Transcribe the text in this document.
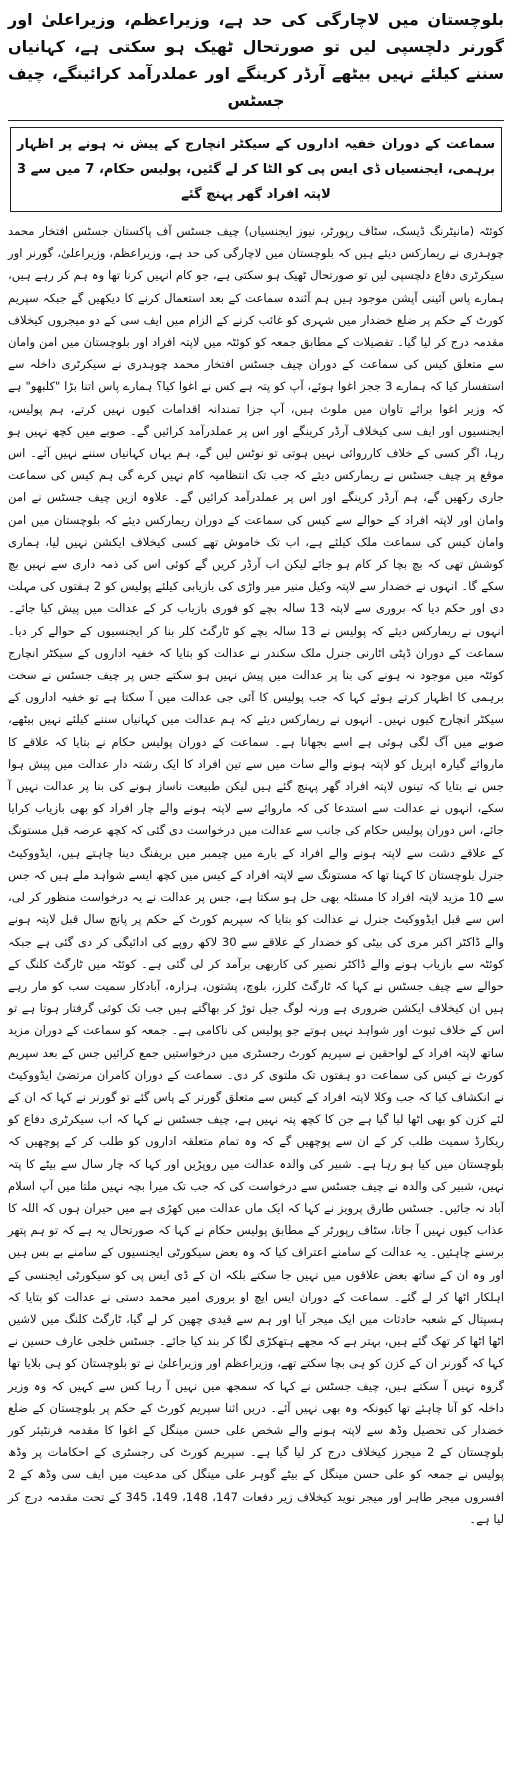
بلوچستان میں لاچارگی کی حد ہے، وزیراعظم، وزیراعلیٰ اور گورنر دلچسپی لیں تو صورتحال ٹھیک ہو سکتی ہے، کہانیاں سننے کیلئے نہیں بیٹھے آرڈر کرینگے اور عملدرآمد کرائینگے، چیف جسٹس
سماعت کے دوران خفیہ اداروں کے سیکٹر انچارج کے پیش نہ ہونے پر اظہار برہمی، ایجنسیاں ڈی ایس پی کو الٹا کر لے گئیں، پولیس حکام، 7 میں سے 3 لاپتہ افراد گھر پہنچ گئے

کوئٹہ (مانیٹرنگ ڈیسک، سٹاف رپورٹر، نیوز ایجنسیاں) چیف جسٹس آف پاکستان جسٹس افتخار محمد چوہدری نے ریمارکس دیئے ہیں کہ بلوچستان میں لاچارگی کی حد ہے، وزیراعظم، وزیراعلیٰ، گورنر اور سیکرٹری دفاع دلچسپی لیں تو صورتحال ٹھیک ہو سکتی ہے، جو کام انہیں کرنا تھا وہ ہم کر رہے ہیں، ہمارے پاس آئینی آپشن موجود ہیں ہم آئندہ سماعت کے بعد استعمال کرنے کا دیکھیں گے جبکہ سپریم کورٹ کے حکم پر ضلع خضدار میں شہری کو غائب کرنے کے الزام میں ایف سی کے دو میجروں کیخلاف مقدمہ درج کر لیا گیا۔ تفصیلات کے مطابق جمعہ کو کوئٹہ میں لاپتہ افراد اور بلوچستان میں امن وامان سے متعلق کیس کی سماعت کے دوران چیف جسٹس افتخار محمد چوہدری نے سیکرٹری داخلہ سے استفسار کیا کہ ہمارے 3 ججز اغوا ہوئے، آپ کو پتہ ہے کس نے اغوا کیا؟ ہمارے پاس اتنا بڑا "کلبھو" ہے کہ وزیر اغوا برائے تاوان میں ملوث ہیں، آپ جزا تمندانہ اقدامات کیوں نہیں کرتے، ہم پولیس، ایجنسیوں اور ایف سی کیخلاف آرڈر کرینگے اور اس پر عملدرآمد کرائیں گے۔ صوبے میں کچھ نہیں ہو رہا، اگر کسی کے خلاف کارروائی نہیں ہوتی تو نوٹس لیں گے، ہم یہاں کہانیاں سننے نہیں آئے۔ اس موقع پر چیف جسٹس نے ریمارکس دیئے کہ جب تک انتظامیہ کام نہیں کرے گی ہم کیس کی سماعت جاری رکھیں گے، ہم آرڈر کرینگے اور اس پر عملدرآمد کرائیں گے۔ علاوہ ازیں چیف جسٹس نے امن وامان اور لاپتہ افراد کے حوالے سے کیس کی سماعت کے دوران ریمارکس دیئے کہ بلوچستان میں امن وامان کیس کی سماعت ملک کیلئے ہے، اب تک خاموش تھے کسی کیخلاف ایکشن نہیں لیا، ہماری کوشش تھی کہ بچ بچا کر کام ہو جائے لیکن اب آرڈر کریں گے کوئی اس کی ذمہ داری سے نہیں بچ سکے گا۔ انہوں نے خضدار سے لاپتہ وکیل منیر میر واڑی کی بازیابی کیلئے پولیس کو 2 ہفتوں کی مہلت دی اور حکم دیا کہ بروری سے لاپتہ 13 سالہ بچے کو فوری بازیاب کر کے عدالت میں پیش کیا جائے۔ انہوں نے ریمارکس دیئے کہ پولیس نے 13 سالہ بچے کو ٹارگٹ کلر بنا کر ایجنسیوں کے حوالے کر دیا۔ سماعت کے دوران ڈپٹی اٹارنی جنرل ملک سکندر نے عدالت کو بتایا کہ خفیہ اداروں کے سیکٹر انچارج کوئٹہ میں موجود نہ ہونے کی بنا پر عدالت میں پیش نہیں ہو سکتے جس پر چیف جسٹس نے سخت برہمی کا اظہار کرتے ہوئے کہا کہ جب پولیس کا آئی جی عدالت میں آ سکتا ہے تو خفیہ اداروں کے سیکٹر انچارج کیوں نہیں۔ انہوں نے ریمارکس دیئے کہ ہم عدالت میں کہانیاں سننے کیلئے نہیں بیٹھے، صوبے میں آگ لگی ہوئی ہے اسے بجھانا ہے۔ سماعت کے دوران پولیس حکام نے بتایا کہ علاقے کا ماروائے گیارہ اپریل کو لاپتہ ہونے والے سات میں سے تین افراد کا ایک رشتہ دار عدالت میں پیش ہوا جس نے بتایا کہ تینوں لاپتہ افراد گھر پہنچ گئے ہیں لیکن طبیعت ناساز ہونے کی بنا پر عدالت نہیں آ سکے، انہوں نے عدالت سے استدعا کی کہ ماروائے سے لاپتہ ہونے والے چار افراد کو بھی بازیاب کرایا جائے، اس دوران پولیس حکام کی جانب سے عدالت میں درخواست دی گئی کہ کچھ عرصہ قبل مستونگ کے علاقے دشت سے لاپتہ ہونے والے افراد کے بارے میں چیمبر میں بریفنگ دینا چاہتے ہیں، ایڈووکیٹ جنرل بلوچستان کا کہنا تھا کہ مستونگ سے لاپتہ افراد کے کیس میں کچھ ایسے شواہد ملے ہیں کہ جس سے 10 مزید لاپتہ افراد کا مسئلہ بھی حل ہو سکتا ہے، جس پر عدالت نے یہ درخواست منظور کر لی، اس سے قبل ایڈووکیٹ جنرل نے عدالت کو بتایا کہ سپریم کورٹ کے حکم پر پانچ سال قبل لاپتہ ہونے والے ڈاکٹر اکبر مری کی بیٹی کو خضدار کے علاقے سے 30 لاکھ روپے کی ادائیگی کر دی گئی ہے جبکہ کوئٹہ سے بازیاب ہونے والے ڈاکٹر نصیر کی کاربھی برآمد کر لی گئی ہے۔ کوئٹہ میں ٹارگٹ کلنگ کے حوالے سے چیف جسٹس نے کہا کہ ٹارگٹ کلرز، بلوچ، پشتون، ہزارہ، آبادکار سمیت سب کو مار رہے ہیں ان کیخلاف ایکشن ضروری ہے ورنہ لوگ جیل توڑ کر بھاگتے ہیں جب تک کوئی گرفتار ہوتا ہے تو اس کے خلاف ثبوت اور شواہد نہیں ہوتے جو پولیس کی ناکامی ہے۔ جمعہ کو سماعت کے دوران مزید ساتھ لاپتہ افراد کے لواحقین نے سپریم کورٹ رجسٹری میں درخواستیں جمع کرائیں جس کے بعد سپریم کورٹ نے کیس کی سماعت دو ہفتوں تک ملتوی کر دی۔ سماعت کے دوران کامران مرتضیٰ ایڈووکیٹ نے انکشاف کیا کہ جب وکلا لاپتہ افراد کے کیس سے متعلق گورنر کے پاس گئے تو گورنر نے کہا کہ ان کے لئے کزن کو بھی اٹھا لیا گیا ہے جن کا کچھ پتہ نہیں ہے، چیف جسٹس نے کہا کہ اب سیکرٹری دفاع کو ریکارڈ سمیت طلب کر کے ان سے پوچھیں گے کہ وہ تمام متعلقہ اداروں کو طلب کر کے پوچھیں کہ بلوچستان میں کیا ہو رہا ہے۔ شبیر کی والدہ عدالت میں روپڑیں اور کہا کہ چار سال سے بیٹے کا پتہ نہیں، شبیر کی والدہ نے چیف جسٹس سے درخواست کی کہ جب تک میرا بچہ نہیں ملتا میں آپ اسلام آباد نہ جائیں۔ جسٹس طارق پرویز نے کہا کہ ایک ماں عدالت میں کھڑی ہے میں حیران ہوں کہ اللہ کا عذاب کیوں نہیں آ جاتا، سٹاف رپورٹر کے مطابق پولیس حکام نے کہا کہ صورتحال یہ ہے کہ تو ہم پتھر برسنے چاہئیں۔ یہ عدالت کے سامنے اعتراف کیا کہ وہ بعض سیکورٹی ایجنسیوں کے سامنے بے بس ہیں اور وہ ان کے ساتھ بعض علاقوں میں نہیں جا سکتے بلکہ ان کے ڈی ایس پی کو سیکورٹی ایجنسی کے اہلکار اٹھا کر لے گئے۔ سماعت کے دوران ایس ایچ او بروری امیر محمد دستی نے عدالت کو بتایا کہ ہسپتال کے شعبہ حادثات میں ایک میجر آیا اور ہم سے قیدی چھین کر لے گیا، ٹارگٹ کلنگ میں لاشیں اٹھا اٹھا کر تھک گئے ہیں، بہتر ہے کہ مجھے ہتھکڑی لگا کر بند کیا جائے۔ جسٹس خلجی عارف حسین نے کہا کہ گورنر ان کے کزن کو ہی بچا سکتے تھے، وزیراعظم اور وزیراعلیٰ نے تو بلوچستان کو ہی بلایا تھا گروہ نہیں آ سکتے ہیں، چیف جسٹس نے کہا کہ سمجھ میں نہیں آ رہا کس سے کہیں کہ وہ وزیر داخلہ کو آنا چاہئے تھا کیونکہ وہ بھی نہیں آئے۔ دریں اثنا سپریم کورٹ کے حکم پر بلوچستان کے ضلع خضدار کی تحصیل وڈھ سے لاپتہ ہونے والے شخص علی حسن مینگل کے اغوا کا مقدمہ فرنٹیئر کور بلوچستان کے 2 میجرز کیخلاف درج کر لیا گیا ہے۔ سپریم کورٹ کی رجسٹری کے احکامات پر وڈھ پولیس نے جمعہ کو علی حسن مینگل کے بیٹے گوہر علی مینگل کی مدعیت میں ایف سی وڈھ کے 2 افسروں میجر طاہر اور میجر نوید کیخلاف زیر دفعات 147، 148، 149، 345 کے تحت مقدمہ درج کر لیا ہے۔
